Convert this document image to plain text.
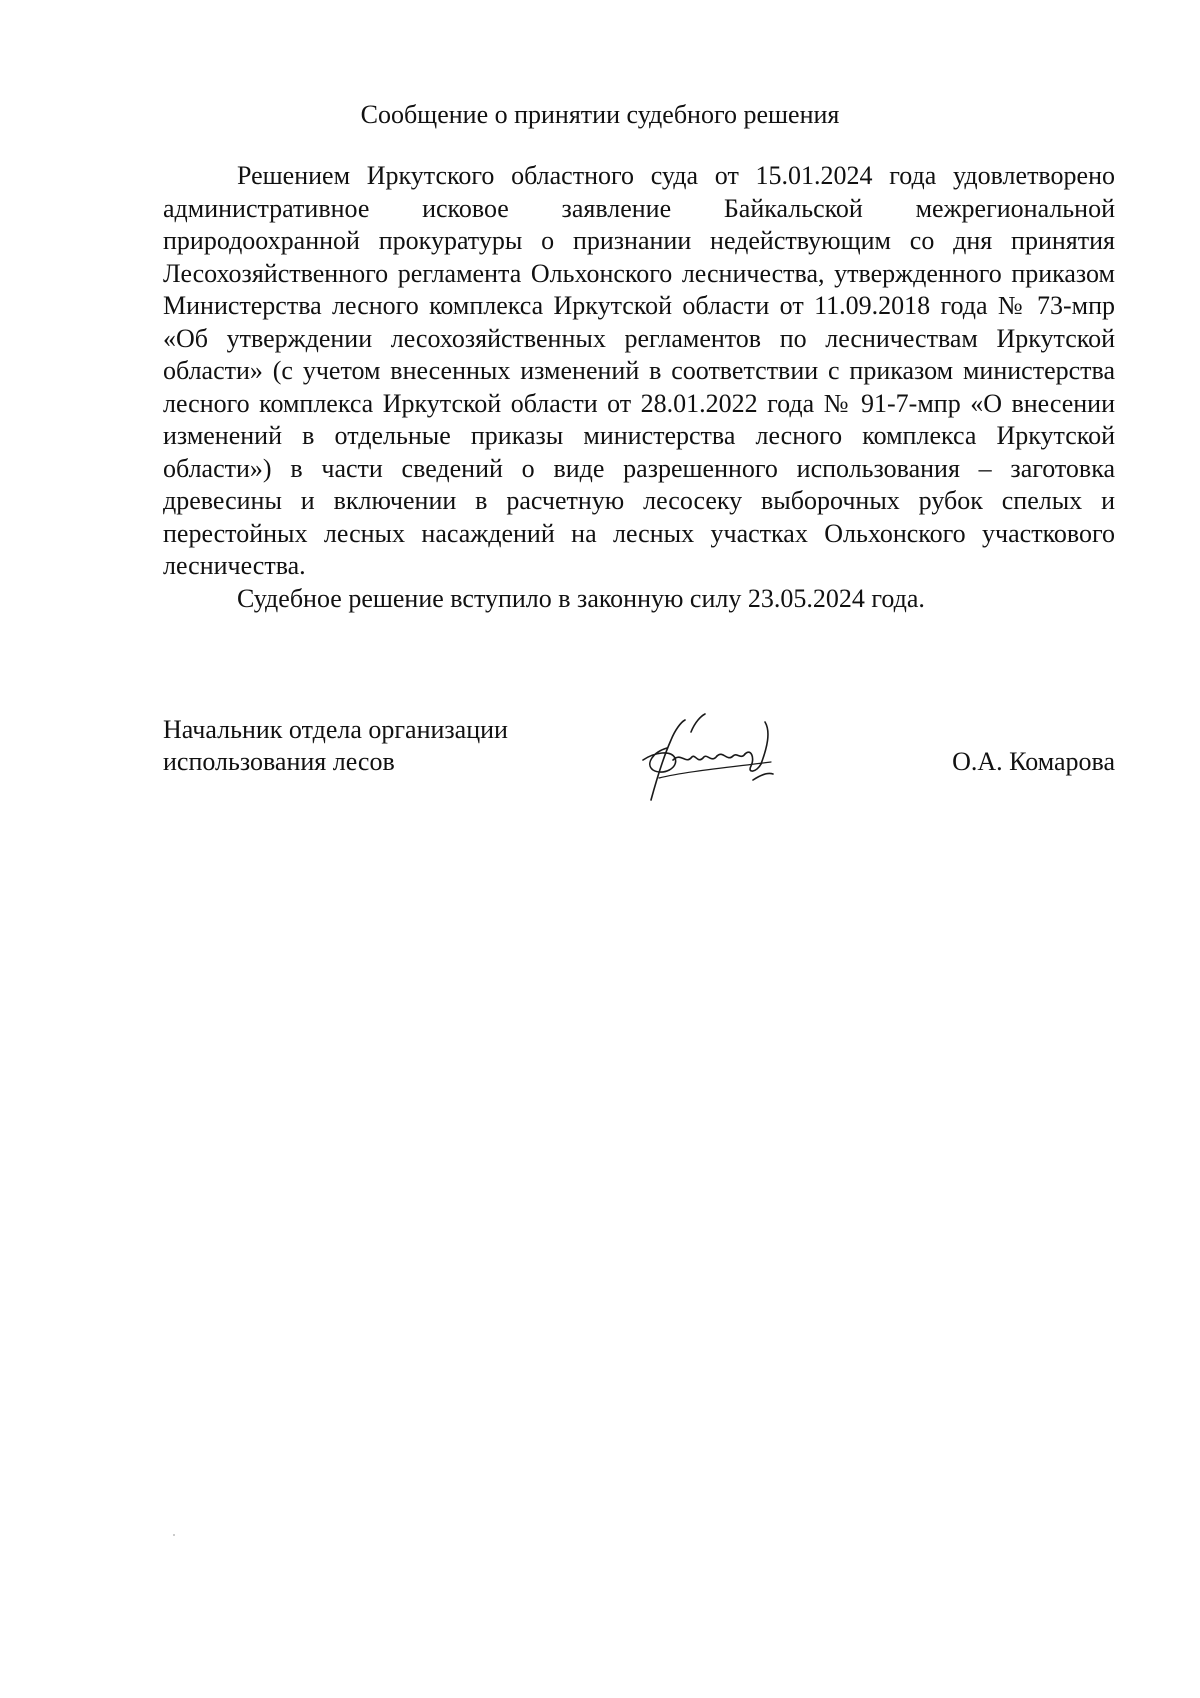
Сообщение о принятии судебного решения

Решением Иркутского областного суда от 15.01.2024 года удовлетворено административное исковое заявление Байкальской межрегиональной природоохранной прокуратуры о признании недействующим со дня принятия Лесохозяйственного регламента Ольхонского лесничества, утвержденного приказом Министерства лесного комплекса Иркутской области от 11.09.2018 года № 73-мпр «Об утверждении лесохозяйственных регламентов по лесничествам Иркутской области» (с учетом внесенных изменений в соответствии с приказом министерства лесного комплекса Иркутской области от 28.01.2022 года № 91-7-мпр «О внесении изменений в отдельные приказы министерства лесного комплекса Иркутской области») в части сведений о виде разрешенного использования – заготовка древесины и включении в расчетную лесосеку выборочных рубок спелых и перестойных лесных насаждений на лесных участках Ольхонского участкового лесничества.

Судебное решение вступило в законную силу 23.05.2024 года.

Начальник отдела организации
использования лесов	О.А. Комарова
